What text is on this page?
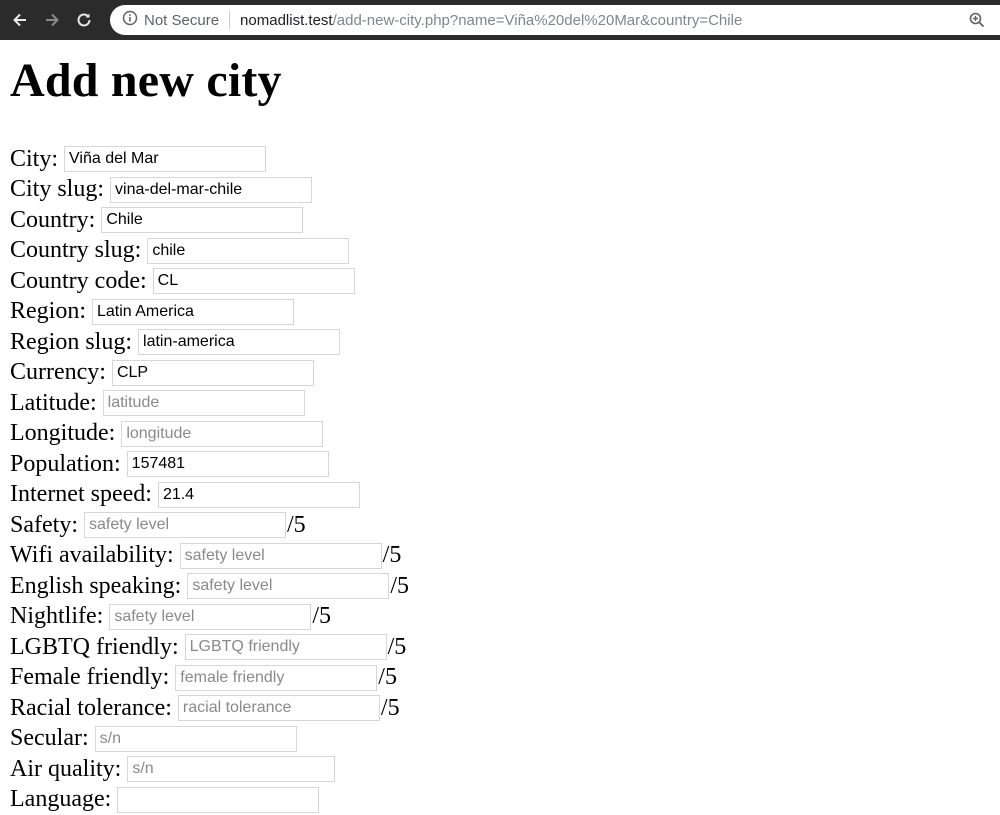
Not Secure nomadlist.test /add-new-city.php?name=Viña%20del%20Mar&country=Chile
Add new city
City:
Viña del Mar
City slug:
vina-del-mar-chile
Country:
Chile
Country slug:
chile
Country code:
CL
Region:
Latin America
Region slug:
latin-america
Currency:
CLP
Latitude:
latitude
Longitude:
longitude
Population:
157481
Internet speed:
21.4
Safety:
safety level	/5
Wifi availability:
safety level	/5
English speaking:
safety level	/5
Nightlife:
safety level	/5
LGBTQ friendly:
LGBTQ friendly	/5
Female friendly:
female friendly	/5
Racial tolerance:
racial tolerance	/5
Secular:
s/n
Air quality:
s/n
Language:
